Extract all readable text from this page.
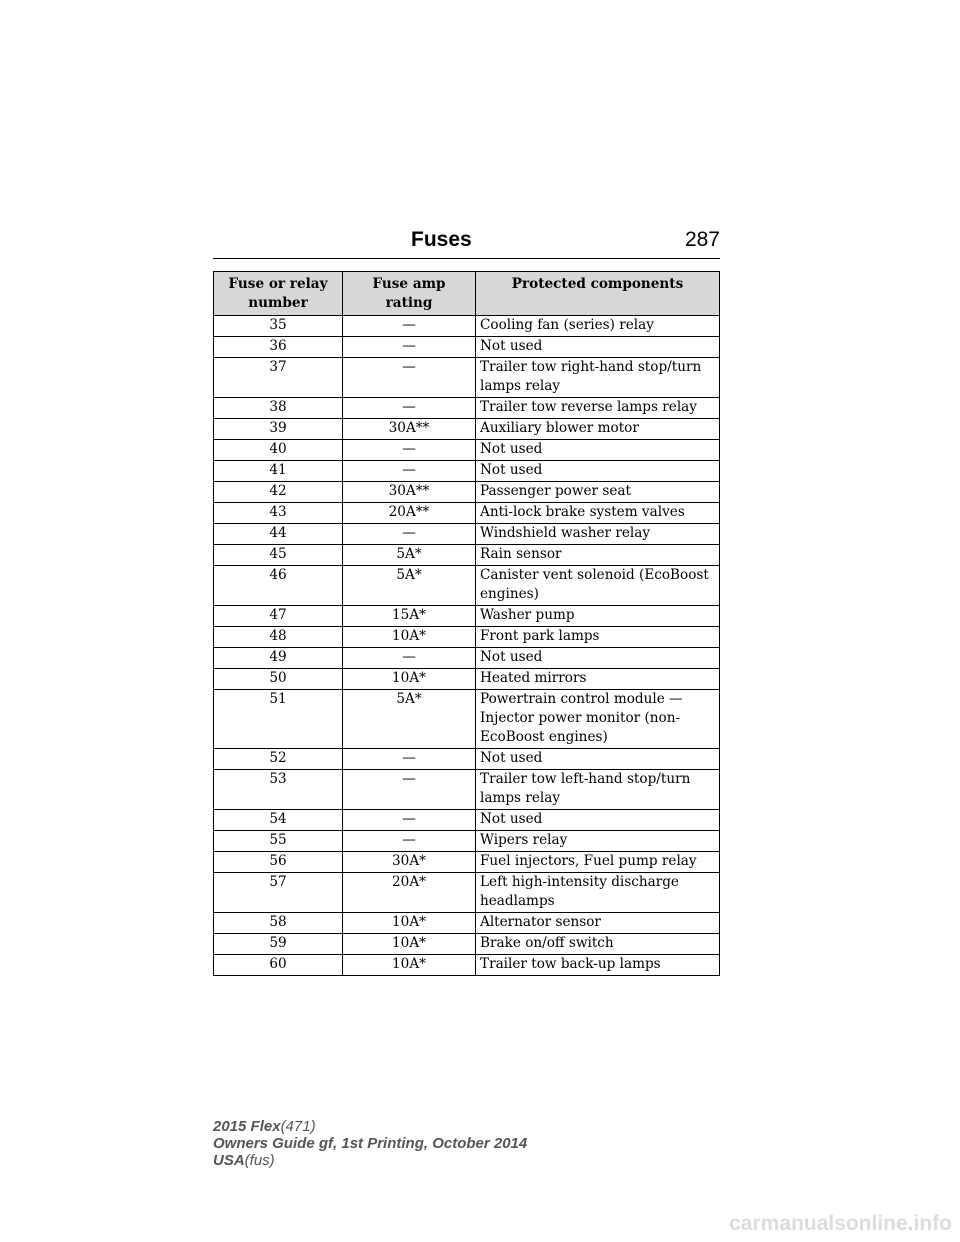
Fuses	287
Fuse or relay number	Fuse amp rating	Protected components
35	—	Cooling fan (series) relay
36	—	Not used
37	—	Trailer tow right-hand stop/turn lamps relay
38	—	Trailer tow reverse lamps relay
39	30A**	Auxiliary blower motor
40	—	Not used
41	—	Not used
42	30A**	Passenger power seat
43	20A**	Anti-lock brake system valves
44	—	Windshield washer relay
45	5A*	Rain sensor
46	5A*	Canister vent solenoid (EcoBoost engines)
47	15A*	Washer pump
48	10A*	Front park lamps
49	—	Not used
50	10A*	Heated mirrors
51	5A*	Powertrain control module — Injector power monitor (non-EcoBoost engines)
52	—	Not used
53	—	Trailer tow left-hand stop/turn lamps relay
54	—	Not used
55	—	Wipers relay
56	30A*	Fuel injectors, Fuel pump relay
57	20A*	Left high-intensity discharge headlamps
58	10A*	Alternator sensor
59	10A*	Brake on/off switch
60	10A*	Trailer tow back-up lamps
2015 Flex(471)
Owners Guide gf, 1st Printing, October 2014
USA(fus)
carmanualsonline.info
